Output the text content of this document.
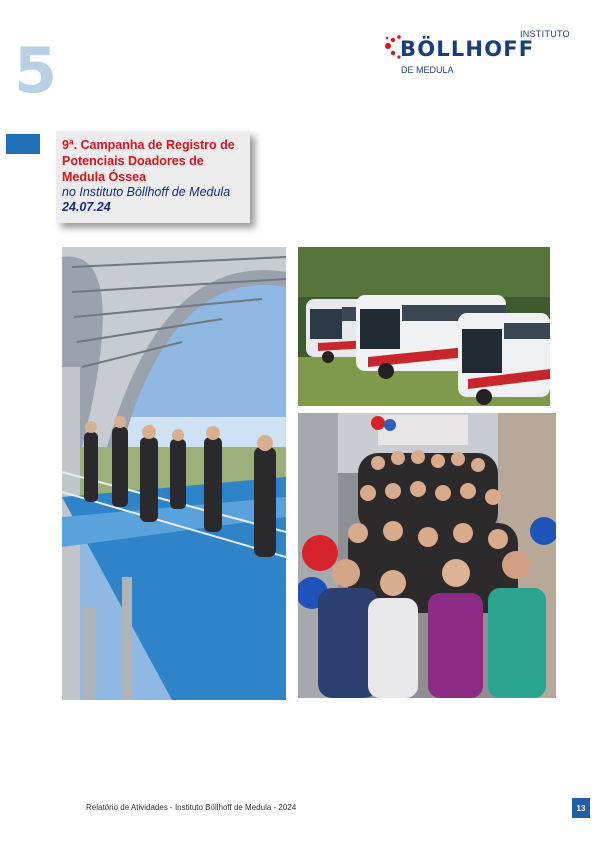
5	INSTITUTO
BÖLLHOFF
DE MEDULA
9ª. Campanha de Registro de
Potenciais Doadores de
Medula Óssea
no Instituto Böllhoff de Medula
24.07.24
Relatório de Atividades - Instituto Böllhoff de Medula - 2024	13
